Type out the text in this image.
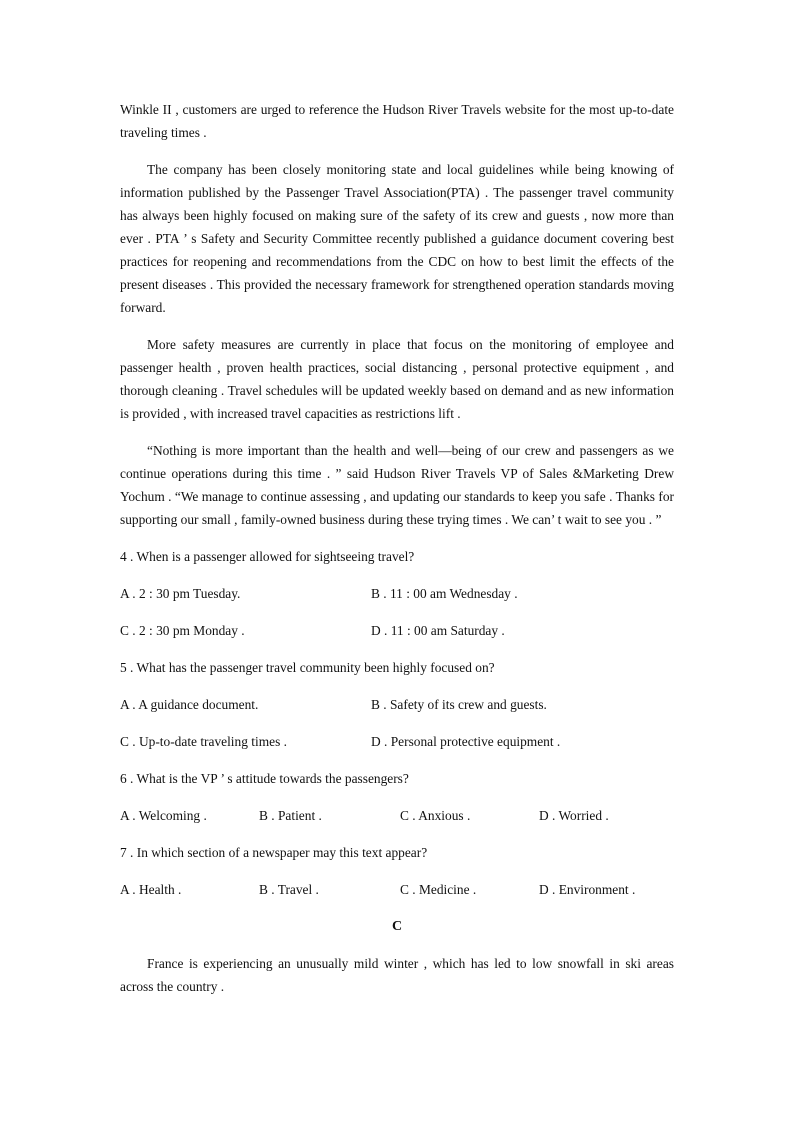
Winkle II , customers are urged to reference the Hudson River Travels website for the most up-to-date traveling times .

The company has been closely monitoring state and local guidelines while being knowing of information published by the Passenger Travel Association(PTA) . The passenger travel community has always been highly focused on making sure of the safety of its crew and guests , now more than ever . PTA ’ s Safety and Security Committee recently published a guidance document covering best practices for reopening and recommendations from the CDC on how to best limit the effects of the present diseases . This provided the necessary framework for strengthened operation standards moving forward.

More safety measures are currently in place that focus on the monitoring of employee and passenger health , proven health practices, social distancing , personal protective equipment , and thorough cleaning . Travel schedules will be updated weekly based on demand and as new information is provided , with increased travel capacities as restrictions lift .

“Nothing is more important than the health and well—being of our crew and passengers as we continue operations during this time . ” said Hudson River Travels VP of Sales &Marketing Drew Yochum . “We manage to continue assessing , and updating our standards to keep you safe . Thanks for supporting our small , family-owned business during these trying times . We can’ t wait to see you . ”

4 . When is a passenger allowed for sightseeing travel?

A . 2 : 30 pm Tuesday.	B . 11 : 00 am Wednesday .
C . 2 : 30 pm Monday .	D . 11 : 00 am Saturday .

5 . What has the passenger travel community been highly focused on?

A . A guidance document.	B . Safety of its crew and guests.
C . Up-to-date traveling times .	D . Personal protective equipment .

6 . What is the VP ’ s attitude towards the passengers?

A . Welcoming .	B . Patient .	C . Anxious .	D . Worried .

7 . In which section of a newspaper may this text appear?

A . Health .	B . Travel .	C . Medicine .	D . Environment .
C

France is experiencing an unusually mild winter , which has led to low snowfall in ski areas across the country .
